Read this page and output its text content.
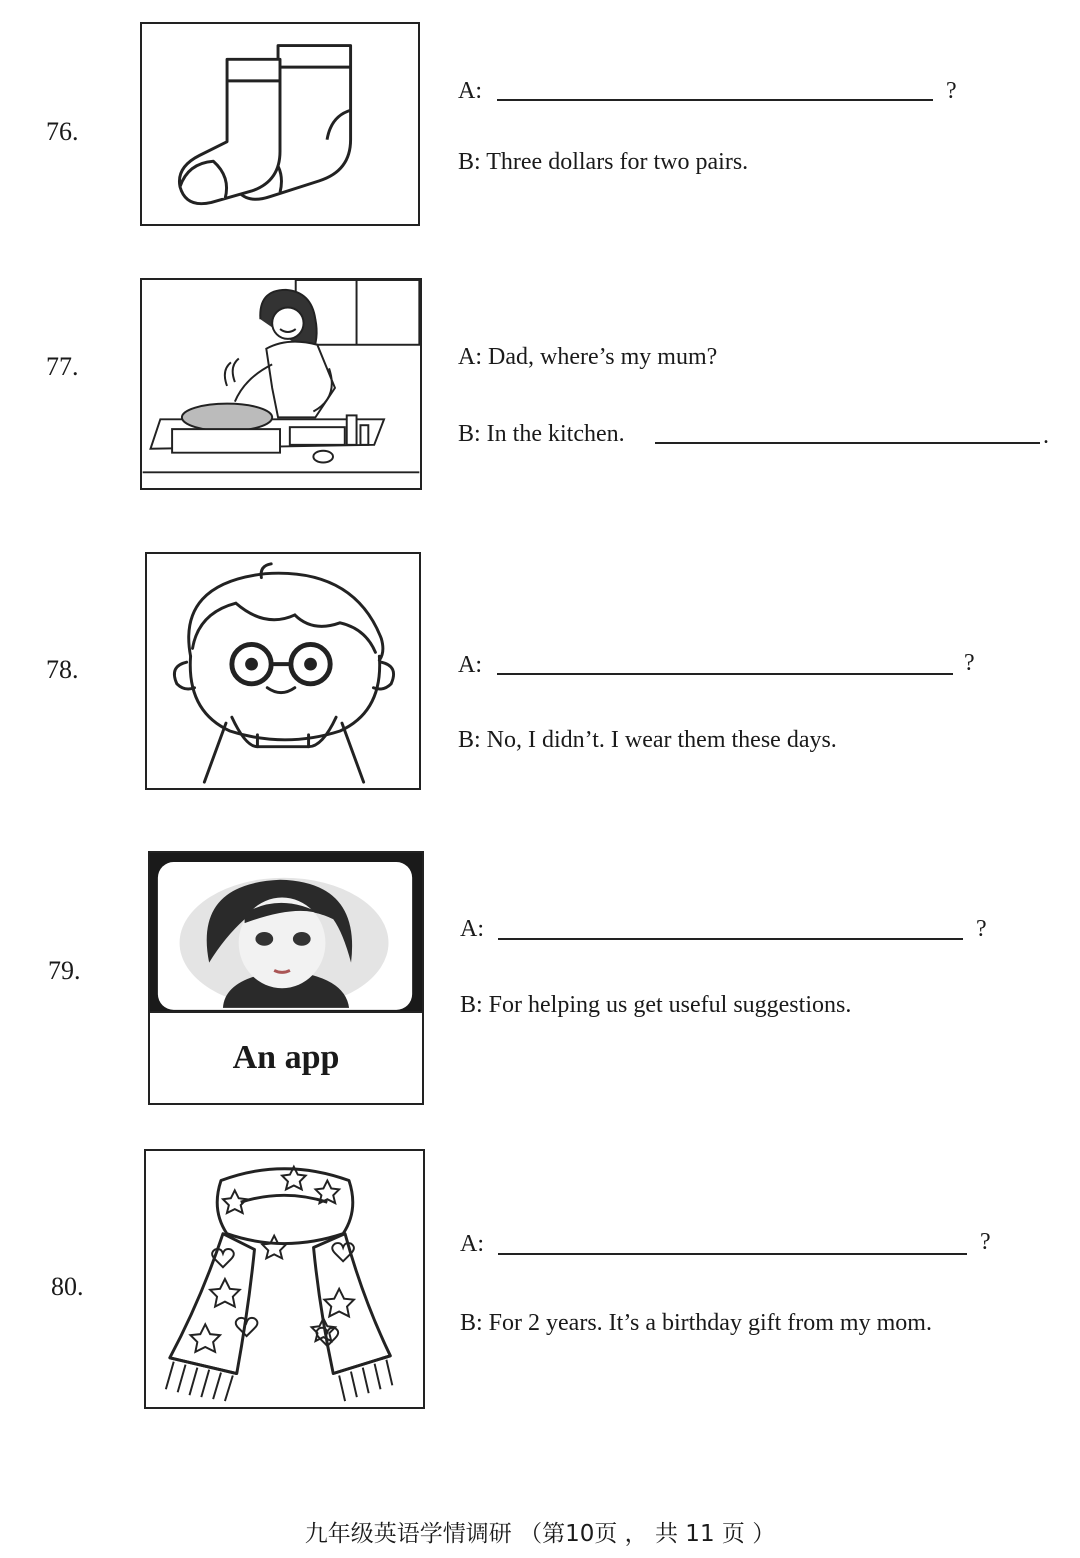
76.
A:	?
B: Three dollars for two pairs.
77.	A: Dad, where’s my mum?
B: In the kitchen.	.
78.	A:	?
B: No, I didn’t. I wear them these days.
79.
An app
A:	?
B: For helping us get useful suggestions.
80.
A:	?
B: For 2 years. It’s a birthday gift from my mom.
九年级英语学情调研 （第10页 ， 共 11 页 ）
